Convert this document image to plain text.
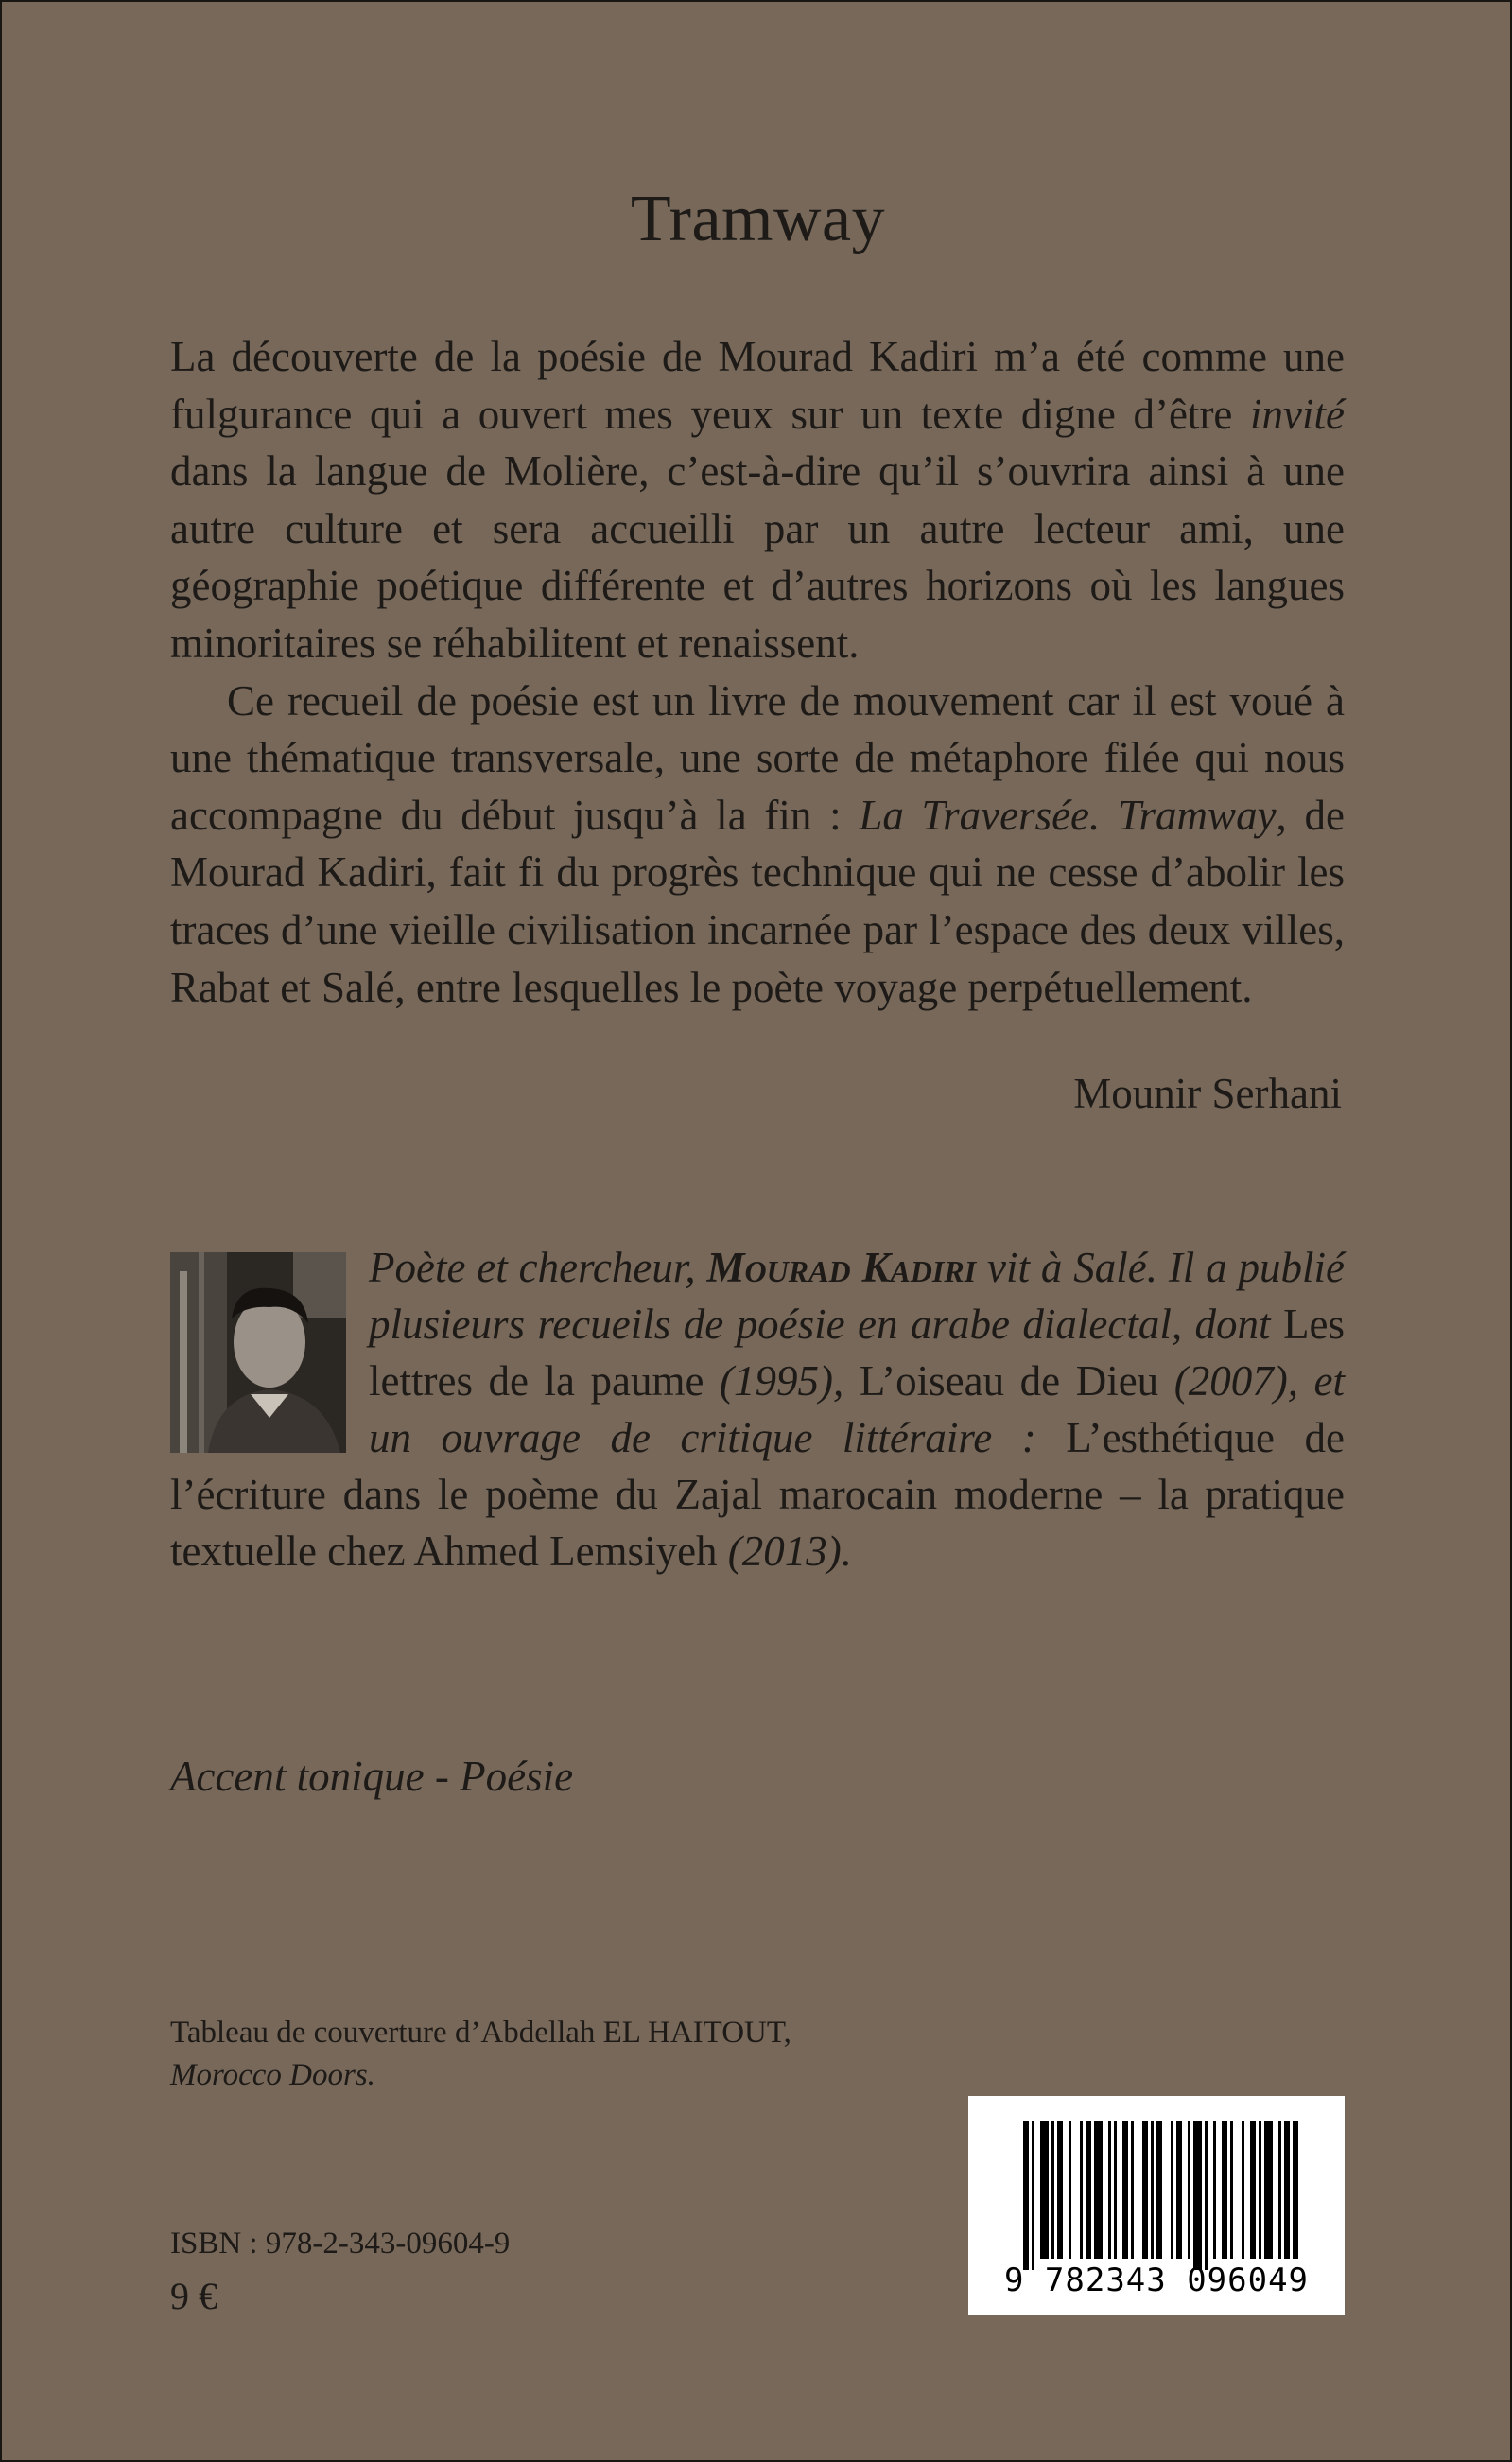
Tramway

La découverte de la poésie de Mourad Kadiri m’a été comme une fulgurance qui a ouvert mes yeux sur un texte digne d’être invité dans la langue de Molière, c’est-à-dire qu’il s’ouvrira ainsi à une autre culture et sera accueilli par un autre lecteur ami, une géographie poétique différente et d’autres horizons où les langues minoritaires se réhabilitent et renaissent.

Ce recueil de poésie est un livre de mouvement car il est voué à une thématique transversale, une sorte de métaphore filée qui nous accompagne du début jusqu’à la fin : La Traversée. Tramway, de Mourad Kadiri, fait fi du progrès technique qui ne cesse d’abolir les traces d’une vieille civilisation incarnée par l’espace des deux villes, Rabat et Salé, entre lesquelles le poète voyage perpétuellement.

Mounir Serhani
Poète et chercheur, Mourad Kadiri vit à Salé. Il a publié plusieurs recueils de poésie en arabe dialectal, dont Les lettres de la paume (1995), L’oiseau de Dieu (2007), et un ouvrage de critique littéraire : L’esthétique de l’écriture dans le poème du Zajal marocain moderne – la pratique textuelle chez Ahmed Lemsiyeh (2013).
Accent tonique - Poésie
Tableau de couverture d’Abdellah EL HAITOUT,
Morocco Doors.
ISBN : 978-2-343-09604-9
9 €	9 782343 096049
